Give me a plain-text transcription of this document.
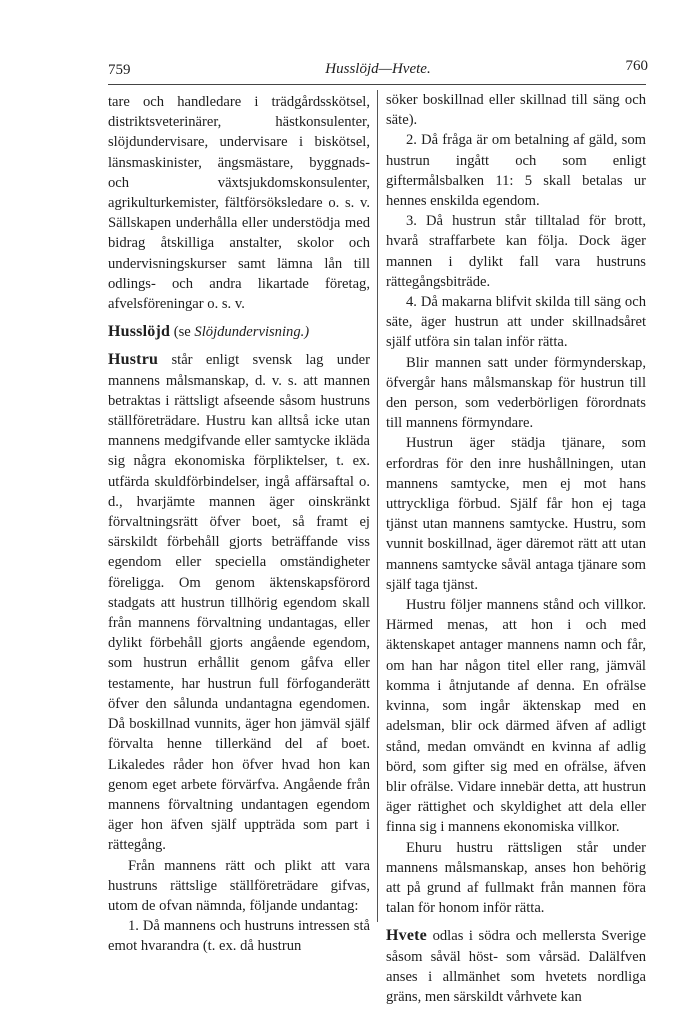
759	Husslöjd—Hvete.	760

tare och handledare i trädgårdsskötsel, distriktsveterinärer, hästkonsulenter, slöjdundervisare, undervisare i biskötsel, länsmaskinister, ängsmästare, byggnads- och växtsjukdomskonsulenter, agrikulturkemister, fältförsöksledare o. s. v. Sällskapen underhålla eller understödja med bidrag åtskilliga anstalter, skolor och undervisningskurser samt lämna lån till odlings- och andra likartade företag, afvelsföreningar o. s. v.

Husslöjd (se Slöjdundervisning.)

Hustru står enligt svensk lag under mannens målsmanskap, d. v. s. att mannen betraktas i rättsligt afseende såsom hustruns ställföreträdare. Hustru kan alltså icke utan mannens medgifvande eller samtycke ikläda sig några ekonomiska förpliktelser, t. ex. utfärda skuldförbindelser, ingå affärsaftal o. d., hvarjämte mannen äger oinskränkt förvaltningsrätt öfver boet, så framt ej särskildt förbehåll gjorts beträffande viss egendom eller speciella omständigheter föreligga. Om genom äktenskapsförord stadgats att hustrun tillhörig egendom skall från mannens förvaltning undantagas, eller dylikt förbehåll gjorts angående egendom, som hustrun erhållit genom gåfva eller testamente, har hustrun full förfoganderätt öfver den sålunda undantagna egendomen. Då boskillnad vunnits, äger hon jämväl själf förvalta henne tillerkänd del af boet. Likaledes råder hon öfver hvad hon kan genom eget arbete förvärfva. Angående från mannens förvaltning undantagen egendom äger hon äfven själf uppträda som part i rättegång.

Från mannens rätt och plikt att vara hustruns rättslige ställföreträdare gifvas, utom de ofvan nämnda, följande undantag:

1. Då mannens och hustruns intressen stå emot hvarandra (t. ex. då hustrun

söker boskillnad eller skillnad till säng och säte).

2. Då fråga är om betalning af gäld, som hustrun ingått och som enligt giftermålsbalken 11: 5 skall betalas ur hennes enskilda egendom.

3. Då hustrun står tilltalad för brott, hvarå straffarbete kan följa. Dock äger mannen i dylikt fall vara hustruns rättegångsbiträde.

4. Då makarna blifvit skilda till säng och säte, äger hustrun att under skillnadsåret själf utföra sin talan inför rätta.

Blir mannen satt under förmynderskap, öfvergår hans målsmanskap för hustrun till den person, som vederbörligen förordnats till mannens förmyndare.

Hustrun äger städja tjänare, som erfordras för den inre hushållningen, utan mannens samtycke, men ej mot hans uttryckliga förbud. Själf får hon ej taga tjänst utan mannens samtycke. Hustru, som vunnit boskillnad, äger däremot rätt att utan mannens samtycke såväl antaga tjänare som själf taga tjänst.

Hustru följer mannens stånd och villkor. Härmed menas, att hon i och med äktenskapet antager mannens namn och får, om han har någon titel eller rang, jämväl komma i åtnjutande af denna. En ofrälse kvinna, som ingår äktenskap med en adelsman, blir ock därmed äfven af adligt stånd, medan omvändt en kvinna af adlig börd, som gifter sig med en ofrälse, äfven blir ofrälse. Vidare innebär detta, att hustrun äger rättighet och skyldighet att dela eller finna sig i mannens ekonomiska villkor.

Ehuru hustru rättsligen står under mannens målsmanskap, anses hon behörig att på grund af fullmakt från mannen föra talan för honom inför rätta.

Hvete odlas i södra och mellersta Sverige såsom såväl höst- som vårsäd. Dalälfven anses i allmänhet som hvetets nordliga gräns, men särskildt vårhvete kan
